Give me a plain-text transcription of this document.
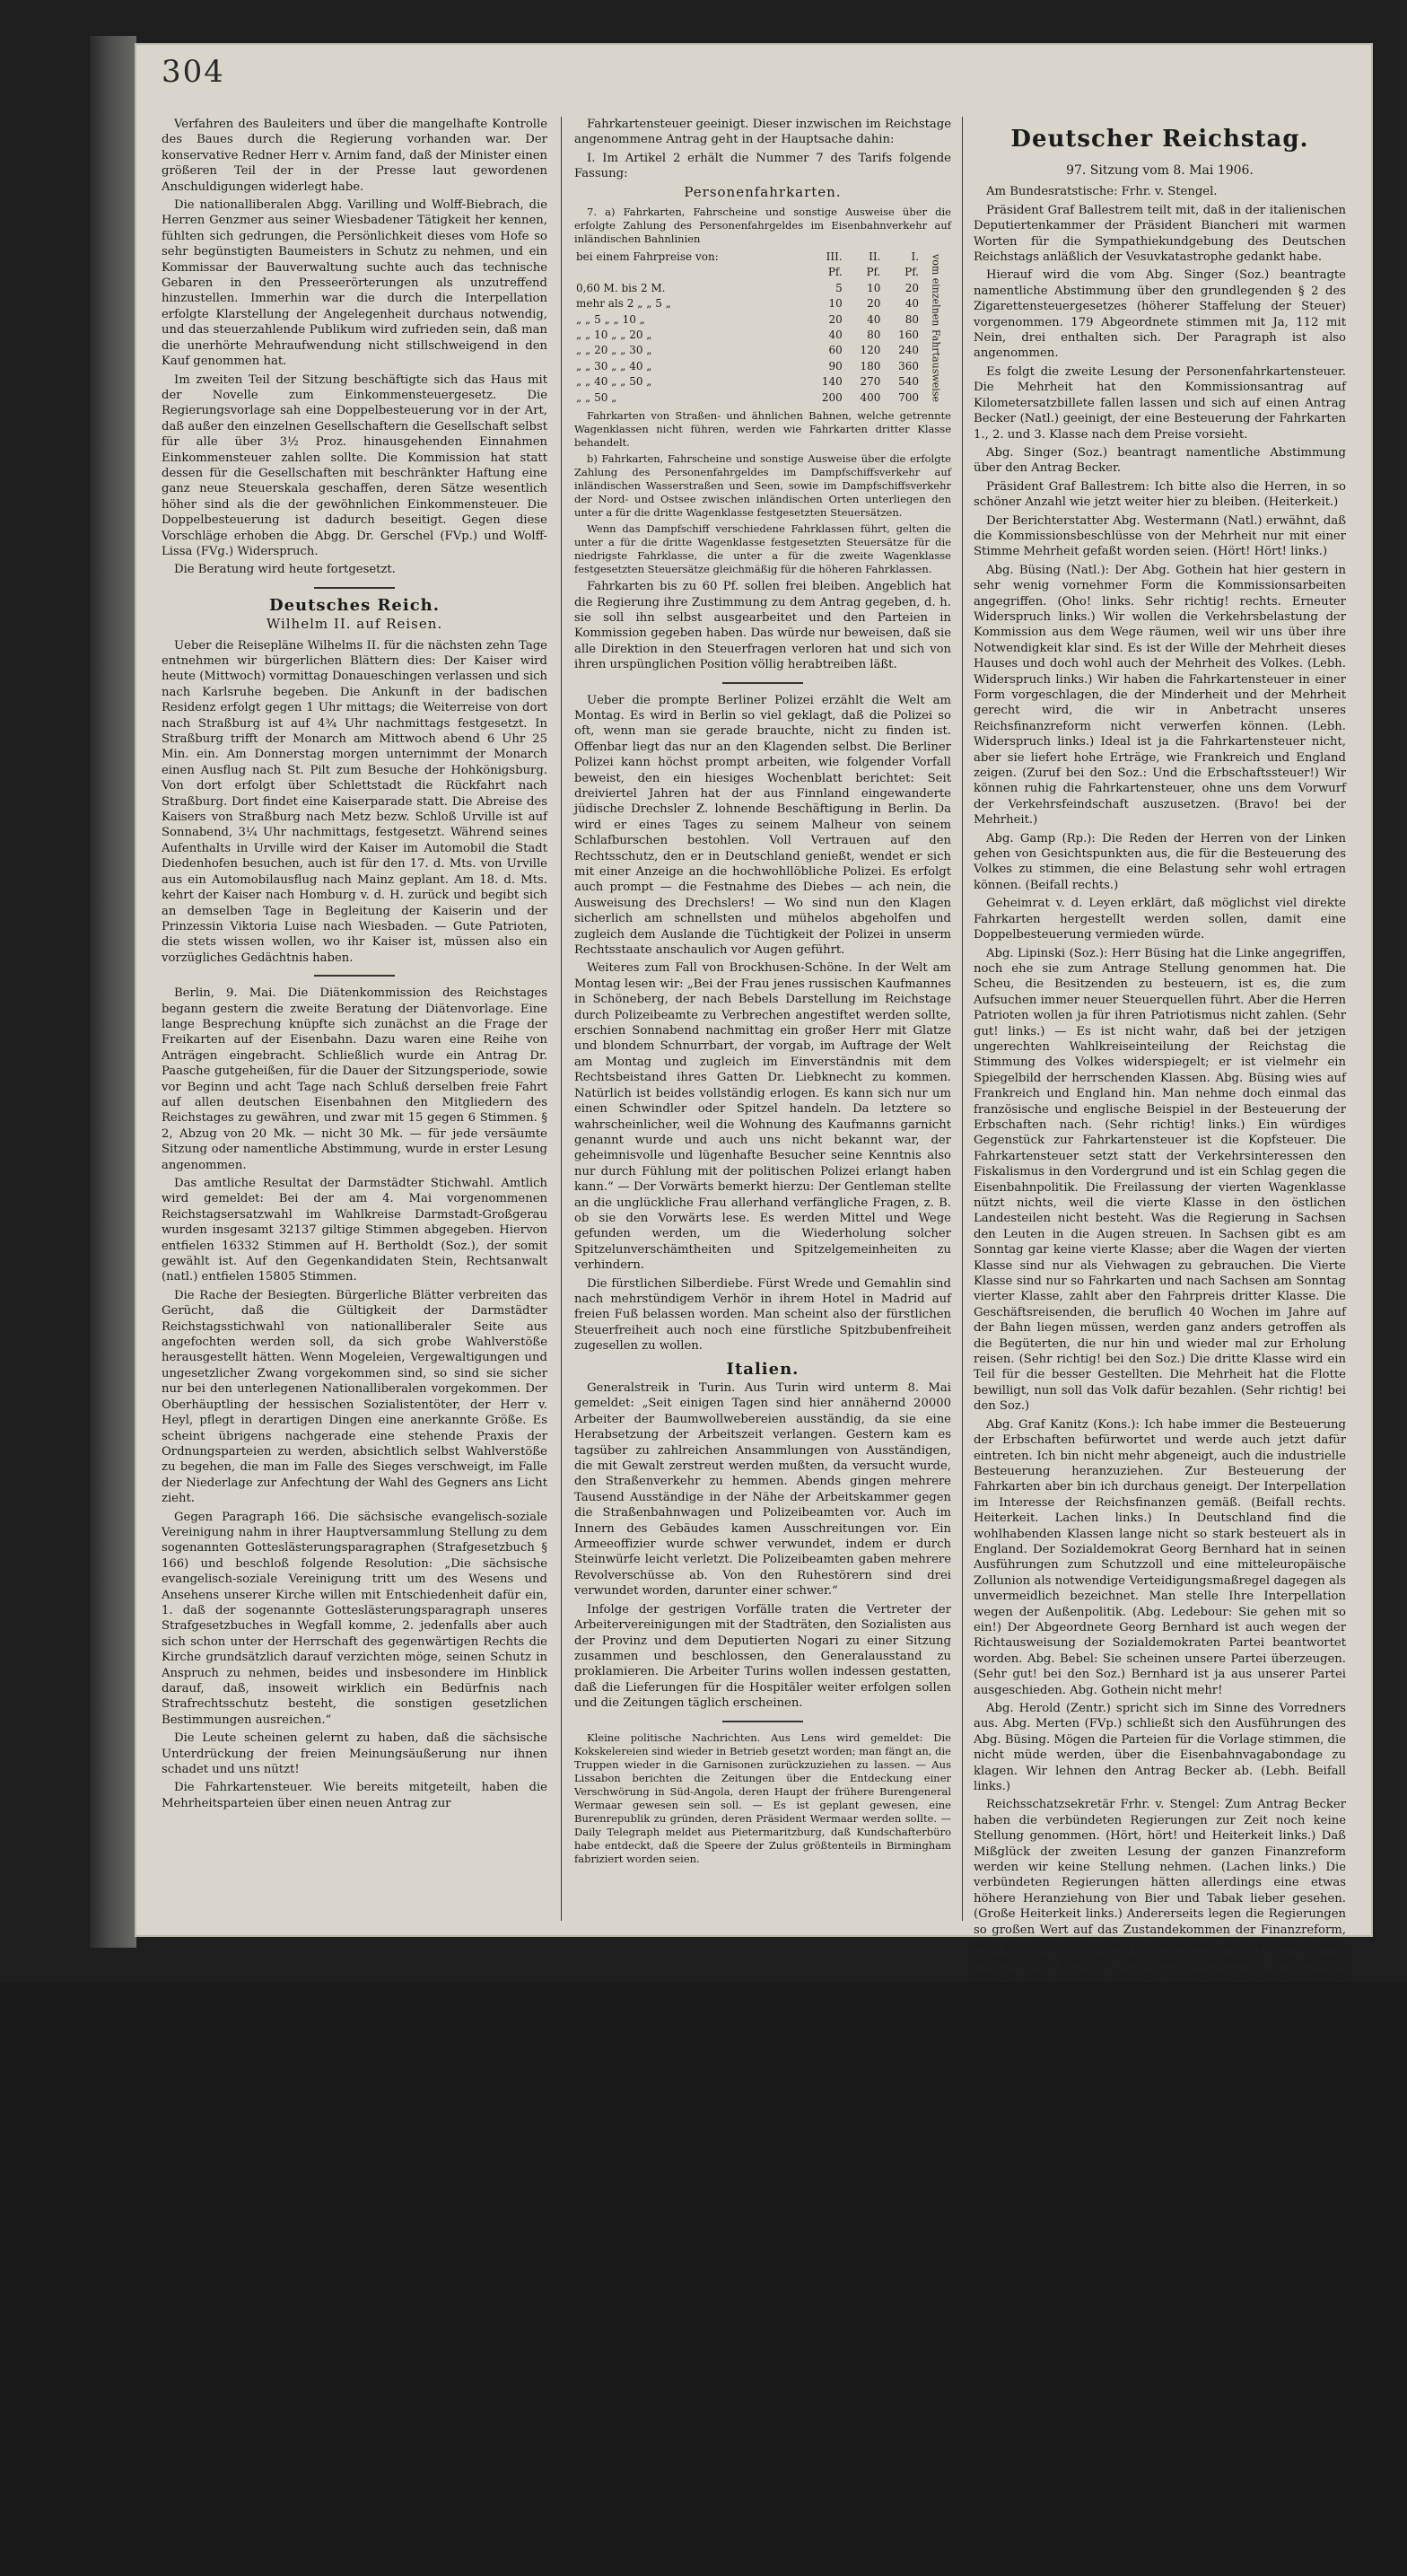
304

Verfahren des Bauleiters und über die mangelhafte Kontrolle des Baues durch die Regierung vorhanden war. Der konservative Redner Herr v. Arnim fand, daß der Minister einen größeren Teil der in der Presse laut gewordenen Anschuldigungen widerlegt habe.

Die nationalliberalen Abgg. Varilling und Wolff-Biebrach, die Herren Genzmer aus seiner Wiesbadener Tätigkeit her kennen, fühlten sich gedrungen, die Persönlichkeit dieses vom Hofe so sehr begünstigten Baumeisters in Schutz zu nehmen, und ein Kommissar der Bauverwaltung suchte auch das technische Gebaren in den Presseerörterungen als unzutreffend hinzustellen. Immerhin war die durch die Interpellation erfolgte Klarstellung der Angelegenheit durchaus notwendig, und das steuerzahlende Publikum wird zufrieden sein, daß man die unerhörte Mehraufwendung nicht stillschweigend in den Kauf genommen hat.

Im zweiten Teil der Sitzung beschäftigte sich das Haus mit der Novelle zum Einkommensteuergesetz. Die Regierungsvorlage sah eine Doppelbesteuerung vor in der Art, daß außer den einzelnen Gesellschaftern die Gesellschaft selbst für alle über 3½ Proz. hinausgehenden Einnahmen Einkommensteuer zahlen sollte. Die Kommission hat statt dessen für die Gesellschaften mit beschränkter Haftung eine ganz neue Steuerskala geschaffen, deren Sätze wesentlich höher sind als die der gewöhnlichen Einkommensteuer. Die Doppelbesteuerung ist dadurch beseitigt. Gegen diese Vorschläge erhoben die Abgg. Dr. Gerschel (FVp.) und Wolff-Lissa (FVg.) Widerspruch.

Die Beratung wird heute fortgesetzt.

Deutsches Reich.
Wilhelm II. auf Reisen.

Ueber die Reisepläne Wilhelms II. für die nächsten zehn Tage entnehmen wir bürgerlichen Blättern dies: Der Kaiser wird heute (Mittwoch) vormittag Donaueschingen verlassen und sich nach Karlsruhe begeben. Die Ankunft in der badischen Residenz erfolgt gegen 1 Uhr mittags; die Weiterreise von dort nach Straßburg ist auf 4¾ Uhr nachmittags festgesetzt. In Straßburg trifft der Monarch am Mittwoch abend 6 Uhr 25 Min. ein. Am Donnerstag morgen unternimmt der Monarch einen Ausflug nach St. Pilt zum Besuche der Hohkönigsburg. Von dort erfolgt über Schlettstadt die Rückfahrt nach Straßburg. Dort findet eine Kaiserparade statt. Die Abreise des Kaisers von Straßburg nach Metz bezw. Schloß Urville ist auf Sonnabend, 3¼ Uhr nachmittags, festgesetzt. Während seines Aufenthalts in Urville wird der Kaiser im Automobil die Stadt Diedenhofen besuchen, auch ist für den 17. d. Mts. von Urville aus ein Automobilausflug nach Mainz geplant. Am 18. d. Mts. kehrt der Kaiser nach Homburg v. d. H. zurück und begibt sich an demselben Tage in Begleitung der Kaiserin und der Prinzessin Viktoria Luise nach Wiesbaden. — Gute Patrioten, die stets wissen wollen, wo ihr Kaiser ist, müssen also ein vorzügliches Gedächtnis haben.

Berlin, 9. Mai. Die Diätenkommission des Reichstages begann gestern die zweite Beratung der Diätenvorlage. Eine lange Besprechung knüpfte sich zunächst an die Frage der Freikarten auf der Eisenbahn. Dazu waren eine Reihe von Anträgen eingebracht. Schließlich wurde ein Antrag Dr. Paasche gutgeheißen, für die Dauer der Sitzungsperiode, sowie vor Beginn und acht Tage nach Schluß derselben freie Fahrt auf allen deutschen Eisenbahnen den Mitgliedern des Reichstages zu gewähren, und zwar mit 15 gegen 6 Stimmen. § 2, Abzug von 20 Mk. — nicht 30 Mk. — für jede versäumte Sitzung oder namentliche Abstimmung, wurde in erster Lesung angenommen.

Das amtliche Resultat der Darmstädter Stichwahl. Amtlich wird gemeldet: Bei der am 4. Mai vorgenommenen Reichstagsersatzwahl im Wahlkreise Darmstadt-Großgerau wurden insgesamt 32137 giltige Stimmen abgegeben. Hiervon entfielen 16332 Stimmen auf H. Bertholdt (Soz.), der somit gewählt ist. Auf den Gegenkandidaten Stein, Rechtsanwalt (natl.) entfielen 15805 Stimmen.

Die Rache der Besiegten. Bürgerliche Blätter verbreiten das Gerücht, daß die Gültigkeit der Darmstädter Reichstagsstichwahl von nationalliberaler Seite aus angefochten werden soll, da sich grobe Wahlverstöße herausgestellt hätten. Wenn Mogeleien, Vergewaltigungen und ungesetzlicher Zwang vorgekommen sind, so sind sie sicher nur bei den unterlegenen Nationalliberalen vorgekommen. Der Oberhäuptling der hessischen Sozialistentöter, der Herr v. Heyl, pflegt in derartigen Dingen eine anerkannte Größe. Es scheint übrigens nachgerade eine stehende Praxis der Ordnungsparteien zu werden, absichtlich selbst Wahlverstöße zu begehen, die man im Falle des Sieges verschweigt, im Falle der Niederlage zur Anfechtung der Wahl des Gegners ans Licht zieht.

Gegen Paragraph 166. Die sächsische evangelisch-soziale Vereinigung nahm in ihrer Hauptversammlung Stellung zu dem sogenannten Gotteslästerungsparagraphen (Strafgesetzbuch § 166) und beschloß folgende Resolution: „Die sächsische evangelisch-soziale Vereinigung tritt um des Wesens und Ansehens unserer Kirche willen mit Entschiedenheit dafür ein, 1. daß der sogenannte Gotteslästerungsparagraph unseres Strafgesetzbuches in Wegfall komme, 2. jedenfalls aber auch sich schon unter der Herrschaft des gegenwärtigen Rechts die Kirche grundsätzlich darauf verzichten möge, seinen Schutz in Anspruch zu nehmen, beides und insbesondere im Hinblick darauf, daß, insoweit wirklich ein Bedürfnis nach Strafrechtsschutz besteht, die sonstigen gesetzlichen Bestimmungen ausreichen.“

Die Leute scheinen gelernt zu haben, daß die sächsische Unterdrückung der freien Meinungsäußerung nur ihnen schadet und uns nützt!

Die Fahrkartensteuer. Wie bereits mitgeteilt, haben die Mehrheitsparteien über einen neuen Antrag zur

Fahrkartensteuer geeinigt. Dieser inzwischen im Reichstage angenommene Antrag geht in der Hauptsache dahin:

I. Im Artikel 2 erhält die Nummer 7 des Tarifs folgende Fassung:

Personenfahrkarten.

7. a) Fahrkarten, Fahrscheine und sonstige Ausweise über die erfolgte Zahlung des Personenfahrgeldes im Eisenbahnverkehr auf inländischen Bahnlinien

bei einem Fahrpreise von:	III.	II.	I.	vom einzelnen Fahrtausweise
	Pf.	Pf.	Pf.	
0,60 M. bis 2 M.	5	10	20	
mehr als 2 „ „ 5 „	10	20	40	
„ „ 5 „ „ 10 „	20	40	80	
„ „ 10 „ „ 20 „	40	80	160	
„ „ 20 „ „ 30 „	60	120	240	
„ „ 30 „ „ 40 „	90	180	360	
„ „ 40 „ „ 50 „	140	270	540	
„ „ 50 „	200	400	700	

Fahrkarten von Straßen- und ähnlichen Bahnen, welche getrennte Wagenklassen nicht führen, werden wie Fahrkarten dritter Klasse behandelt.

b) Fahrkarten, Fahrscheine und sonstige Ausweise über die erfolgte Zahlung des Personenfahrgeldes im Dampfschiffsverkehr auf inländischen Wasserstraßen und Seen, sowie im Dampfschiffsverkehr der Nord- und Ostsee zwischen inländischen Orten unterliegen den unter a für die dritte Wagenklasse festgesetzten Steuersätzen.

Wenn das Dampfschiff verschiedene Fahrklassen führt, gelten die unter a für die dritte Wagenklasse festgesetzten Steuersätze für die niedrigste Fahrklasse, die unter a für die zweite Wagenklasse festgesetzten Steuersätze gleichmäßig für die höheren Fahrklassen.

Fahrkarten bis zu 60 Pf. sollen frei bleiben. Angeblich hat die Regierung ihre Zustimmung zu dem Antrag gegeben, d. h. sie soll ihn selbst ausgearbeitet und den Parteien in Kommission gegeben haben. Das würde nur beweisen, daß sie alle Direktion in den Steuerfragen verloren hat und sich von ihren urspünglichen Position völlig herabtreiben läßt.

Ueber die prompte Berliner Polizei erzählt die Welt am Montag. Es wird in Berlin so viel geklagt, daß die Polizei so oft, wenn man sie gerade brauchte, nicht zu finden ist. Offenbar liegt das nur an den Klagenden selbst. Die Berliner Polizei kann höchst prompt arbeiten, wie folgender Vorfall beweist, den ein hiesiges Wochenblatt berichtet: Seit dreiviertel Jahren hat der aus Finnland eingewanderte jüdische Drechsler Z. lohnende Beschäftigung in Berlin. Da wird er eines Tages zu seinem Malheur von seinem Schlafburschen bestohlen. Voll Vertrauen auf den Rechtsschutz, den er in Deutschland genießt, wendet er sich mit einer Anzeige an die hochwohllöbliche Polizei. Es erfolgt auch prompt — die Festnahme des Diebes — ach nein, die Ausweisung des Drechslers! — Wo sind nun den Klagen sicherlich am schnellsten und mühelos abgeholfen und zugleich dem Auslande die Tüchtigkeit der Polizei in unserm Rechtsstaate anschaulich vor Augen geführt.

Weiteres zum Fall von Brockhusen-Schöne. In der Welt am Montag lesen wir: „Bei der Frau jenes russischen Kaufmannes in Schöneberg, der nach Bebels Darstellung im Reichstage durch Polizeibeamte zu Verbrechen angestiftet werden sollte, erschien Sonnabend nachmittag ein großer Herr mit Glatze und blondem Schnurrbart, der vorgab, im Auftrage der Welt am Montag und zugleich im Einverständnis mit dem Rechtsbeistand ihres Gatten Dr. Liebknecht zu kommen. Natürlich ist beides vollständig erlogen. Es kann sich nur um einen Schwindler oder Spitzel handeln. Da letztere so wahrscheinlicher, weil die Wohnung des Kaufmanns garnicht genannt wurde und auch uns nicht bekannt war, der geheimnisvolle und lügenhafte Besucher seine Kenntnis also nur durch Fühlung mit der politischen Polizei erlangt haben kann.“ — Der Vorwärts bemerkt hierzu: Der Gentleman stellte an die unglückliche Frau allerhand verfängliche Fragen, z. B. ob sie den Vorwärts lese. Es werden Mittel und Wege gefunden werden, um die Wiederholung solcher Spitzelunverschämtheiten und Spitzelgemeinheiten zu verhindern.

Die fürstlichen Silberdiebe. Fürst Wrede und Gemahlin sind nach mehrstündigem Verhör in ihrem Hotel in Madrid auf freien Fuß belassen worden. Man scheint also der fürstlichen Steuerfreiheit auch noch eine fürstliche Spitzbubenfreiheit zugesellen zu wollen.

Italien.

Generalstreik in Turin. Aus Turin wird unterm 8. Mai gemeldet: „Seit einigen Tagen sind hier annähernd 20000 Arbeiter der Baumwollwebereien ausständig, da sie eine Herabsetzung der Arbeitszeit verlangen. Gestern kam es tagsüber zu zahlreichen Ansammlungen von Ausständigen, die mit Gewalt zerstreut werden mußten, da versucht wurde, den Straßenverkehr zu hemmen. Abends gingen mehrere Tausend Ausständige in der Nähe der Arbeitskammer gegen die Straßenbahnwagen und Polizeibeamten vor. Auch im Innern des Gebäudes kamen Ausschreitungen vor. Ein Armeeoffizier wurde schwer verwundet, indem er durch Steinwürfe leicht verletzt. Die Polizeibeamten gaben mehrere Revolverschüsse ab. Von den Ruhestörern sind drei verwundet worden, darunter einer schwer.“

Infolge der gestrigen Vorfälle traten die Vertreter der Arbeitervereinigungen mit der Stadträten, den Sozialisten aus der Provinz und dem Deputierten Nogari zu einer Sitzung zusammen und beschlossen, den Generalausstand zu proklamieren. Die Arbeiter Turins wollen indessen gestatten, daß die Lieferungen für die Hospitäler weiter erfolgen sollen und die Zeitungen täglich erscheinen.

Kleine politische Nachrichten. Aus Lens wird gemeldet: Die Kokskelereien sind wieder in Betrieb gesetzt worden; man fängt an, die Truppen wieder in die Garnisonen zurückzuziehen zu lassen. — Aus Lissabon berichten die Zeitungen über die Entdeckung einer Verschwörung in Süd-Angola, deren Haupt der frühere Burengeneral Wermaar gewesen sein soll. — Es ist geplant gewesen, eine Burenrepublik zu gründen, deren Präsident Wermaar werden sollte. — Daily Telegraph meldet aus Pietermaritzburg, daß Kundschafterbüro habe entdeckt, daß die Speere der Zulus größtenteils in Birmingham fabriziert worden seien.

Deutscher Reichstag.
97. Sitzung vom 8. Mai 1906.

Am Bundesratstische: Frhr. v. Stengel.

Präsident Graf Ballestrem teilt mit, daß in der italienischen Deputiertenkammer der Präsident Biancheri mit warmen Worten für die Sympathiekundgebung des Deutschen Reichstags anläßlich der Vesuvkatastrophe gedankt habe.

Hierauf wird die vom Abg. Singer (Soz.) beantragte namentliche Abstimmung über den grundlegenden § 2 des Zigarettensteuergesetzes (höherer Staffelung der Steuer) vorgenommen. 179 Abgeordnete stimmen mit Ja, 112 mit Nein, drei enthalten sich. Der Paragraph ist also angenommen.

Es folgt die zweite Lesung der Personenfahrkartensteuer. Die Mehrheit hat den Kommissionsantrag auf Kilometersatzbillete fallen lassen und sich auf einen Antrag Becker (Natl.) geeinigt, der eine Besteuerung der Fahrkarten 1., 2. und 3. Klasse nach dem Preise vorsieht.

Abg. Singer (Soz.) beantragt namentliche Abstimmung über den Antrag Becker.

Präsident Graf Ballestrem: Ich bitte also die Herren, in so schöner Anzahl wie jetzt weiter hier zu bleiben. (Heiterkeit.)

Der Berichterstatter Abg. Westermann (Natl.) erwähnt, daß die Kommissionsbeschlüsse von der Mehrheit nur mit einer Stimme Mehrheit gefaßt worden seien. (Hört! Hört! links.)

Abg. Büsing (Natl.): Der Abg. Gothein hat hier gestern in sehr wenig vornehmer Form die Kommissionsarbeiten angegriffen. (Oho! links. Sehr richtig! rechts. Erneuter Widerspruch links.) Wir wollen die Verkehrsbelastung der Kommission aus dem Wege räumen, weil wir uns über ihre Notwendigkeit klar sind. Es ist der Wille der Mehrheit dieses Hauses und doch wohl auch der Mehrheit des Volkes. (Lebh. Widerspruch links.) Wir haben die Fahrkartensteuer in einer Form vorgeschlagen, die der Minderheit und der Mehrheit gerecht wird, die wir in Anbetracht unseres Reichsfinanzreform nicht verwerfen können. (Lebh. Widerspruch links.) Ideal ist ja die Fahrkartensteuer nicht, aber sie liefert hohe Erträge, wie Frankreich und England zeigen. (Zuruf bei den Soz.: Und die Erbschaftssteuer!) Wir können ruhig die Fahrkartensteuer, ohne uns dem Vorwurf der Verkehrsfeindschaft auszusetzen. (Bravo! bei der Mehrheit.)

Abg. Gamp (Rp.): Die Reden der Herren von der Linken gehen von Gesichtspunkten aus, die für die Besteuerung des Volkes zu stimmen, die eine Belastung sehr wohl ertragen können. (Beifall rechts.)

Geheimrat v. d. Leyen erklärt, daß möglichst viel direkte Fahrkarten hergestellt werden sollen, damit eine Doppelbesteuerung vermieden würde.

Abg. Lipinski (Soz.): Herr Büsing hat die Linke angegriffen, noch ehe sie zum Antrage Stellung genommen hat. Die Scheu, die Besitzenden zu besteuern, ist es, die zum Aufsuchen immer neuer Steuerquellen führt. Aber die Herren Patrioten wollen ja für ihren Patriotismus nicht zahlen. (Sehr gut! links.) — Es ist nicht wahr, daß bei der jetzigen ungerechten Wahlkreiseinteilung der Reichstag die Stimmung des Volkes widerspiegelt; er ist vielmehr ein Spiegelbild der herrschenden Klassen. Abg. Büsing wies auf Frankreich und England hin. Man nehme doch einmal das französische und englische Beispiel in der Besteuerung der Erbschaften nach. (Sehr richtig! links.) Ein würdiges Gegenstück zur Fahrkartensteuer ist die Kopfsteuer. Die Fahrkartensteuer setzt statt der Verkehrsinteressen den Fiskalismus in den Vordergrund und ist ein Schlag gegen die Eisenbahnpolitik. Die Freilassung der vierten Wagenklasse nützt nichts, weil die vierte Klasse in den östlichen Landesteilen nicht besteht. Was die Regierung in Sachsen den Leuten in die Augen streuen. In Sachsen gibt es am Sonntag gar keine vierte Klasse; aber die Wagen der vierten Klasse sind nur als Viehwagen zu gebrauchen. Die Vierte Klasse sind nur so Fahrkarten und nach Sachsen am Sonntag vierter Klasse, zahlt aber den Fahrpreis dritter Klasse. Die Geschäftsreisenden, die beruflich 40 Wochen im Jahre auf der Bahn liegen müssen, werden ganz anders getroffen als die Begüterten, die nur hin und wieder mal zur Erholung reisen. (Sehr richtig! bei den Soz.) Die dritte Klasse wird ein Teil für die besser Gestellten. Die Mehrheit hat die Flotte bewilligt, nun soll das Volk dafür bezahlen. (Sehr richtig! bei den Soz.)

Abg. Graf Kanitz (Kons.): Ich habe immer die Besteuerung der Erbschaften befürwortet und werde auch jetzt dafür eintreten. Ich bin nicht mehr abgeneigt, auch die industrielle Besteuerung heranzuziehen. Zur Besteuerung der Fahrkarten aber bin ich durchaus geneigt. Der Interpellation im Interesse der Reichsfinanzen gemäß. (Beifall rechts. Heiterkeit. Lachen links.) In Deutschland find die wohlhabenden Klassen lange nicht so stark besteuert als in England. Der Sozialdemokrat Georg Bernhard hat in seinen Ausführungen zum Schutzzoll und eine mitteleuropäische Zollunion als notwendige Verteidigungsmaßregel dagegen als unvermeidlich bezeichnet. Man stelle Ihre Interpellation wegen der Außenpolitik. (Abg. Ledebour: Sie gehen mit so ein!) Der Abgeordnete Georg Bernhard ist auch wegen der Richtausweisung der Sozialdemokraten Partei beantwortet worden. Abg. Bebel: Sie scheinen unsere Partei überzeugen. (Sehr gut! bei den Soz.) Bernhard ist ja aus unserer Partei ausgeschieden. Abg. Gothein nicht mehr!

Abg. Herold (Zentr.) spricht sich im Sinne des Vorredners aus. Abg. Merten (FVp.) schließt sich den Ausführungen des Abg. Büsing. Mögen die Parteien für die Vorlage stimmen, die nicht müde werden, über die Eisenbahnvagabondage zu klagen. Wir lehnen den Antrag Becker ab. (Lebh. Beifall links.)

Reichsschatzsekretär Frhr. v. Stengel: Zum Antrag Becker haben die verbündeten Regierungen zur Zeit noch keine Stellung genommen. (Hört, hört! und Heiterkeit links.) Daß Mißglück der zweiten Lesung der ganzen Finanzreform werden wir keine Stellung nehmen. (Lachen links.) Die verbündeten Regierungen hätten allerdings eine etwas höhere Heranziehung von Bier und Tabak lieber gesehen. (Große Heiterkeit links.) Andererseits legen die Regierungen so großen Wert auf das Zustandekommen der Finanzreform, daß sie vermutlich manche Bedenken zurücktreten lassen werden, ich, aber die unter allen Umständen dem Antrag Becker den Vorzug vor der Kommissionsfassung geben werden.

Abg. Gräfe (Ant.) wendet sich im Interesse des Mittelstandes gegen die Fahrkartensteuer und empfiehlt eine Reichsweinsteuer, eine Champagnersteuer, eine Wertzuwachssteuer und einen hohen Zoll auf importierte Zigarren.

Abg. Schrader (FVg.): Man ist einig darüber, daß Geld geschafft werden muß, aber wie, darüber herrscht keine Einigkeit. Im Reichstage spiegelt sich nicht die wahre Stimmung des Volkes wider, wie der Abg. Büsing fälschlich behauptet, bei der Fahrkartensteuer, die der Volksmeinung entgegen sein. Die ganze Steuerpolitik des Deutschen Reiches ist von agrarischen Geiste durchweht. (Lebh. Beifall links.)

Reichsschatzsekretär Frhr. v. Stengel: Auf die letzte Bemerkung antworte ich nicht. (Bravo! rechts.) Wenn ich auf alle Widersprüche gegen Steuern antworten sollte, so könnte ich erst garnicht mit der Reichsfinanzreform fertig, und wenn ich wie Methusalem.

Abg. Herbert (Soz.): Es ist vergebliche Liebesmühe, wegleugnen zu wollen, daß diese Fahrkartensteuer wie die schwachen Schultern besonders schwer belastet. Wenn die Steuer bei der ersten und zweiten Klasse höher, aber progressiv nach den Einkommensverhältnissen werden würde, so hätte die Fahrkartensteuer keine ganz so harten Folgen. Jetzt wird die Fahrkarte für die dritte Klasse viel schwerer belastet. Das sieht sich bei den Soz. Schwer betroffen wird auch der Sonntagsverkehr und noch den Ostseebädern wie diese schwere Fahrkartensteuer nicht möglich die Minderbemittelten. Das einzig Gute an dieser Steuernachricht ist, daß sie unsere aufklärende Agitation fördert. (Sehr richtig! bei den Soz.)

Abg. Büsing (Natl.) wendet sich gegen den Abg. Büsing. Abg. Gothein (FVg.) ist empfindlich zu sein, wie eine englische Miß. (Heiterkeit.) Wir haben wie Abg. Kanitz gesagt, daß die Steuer so noch weniger drückt, wie Kadehe auf die schwachen Schultern
